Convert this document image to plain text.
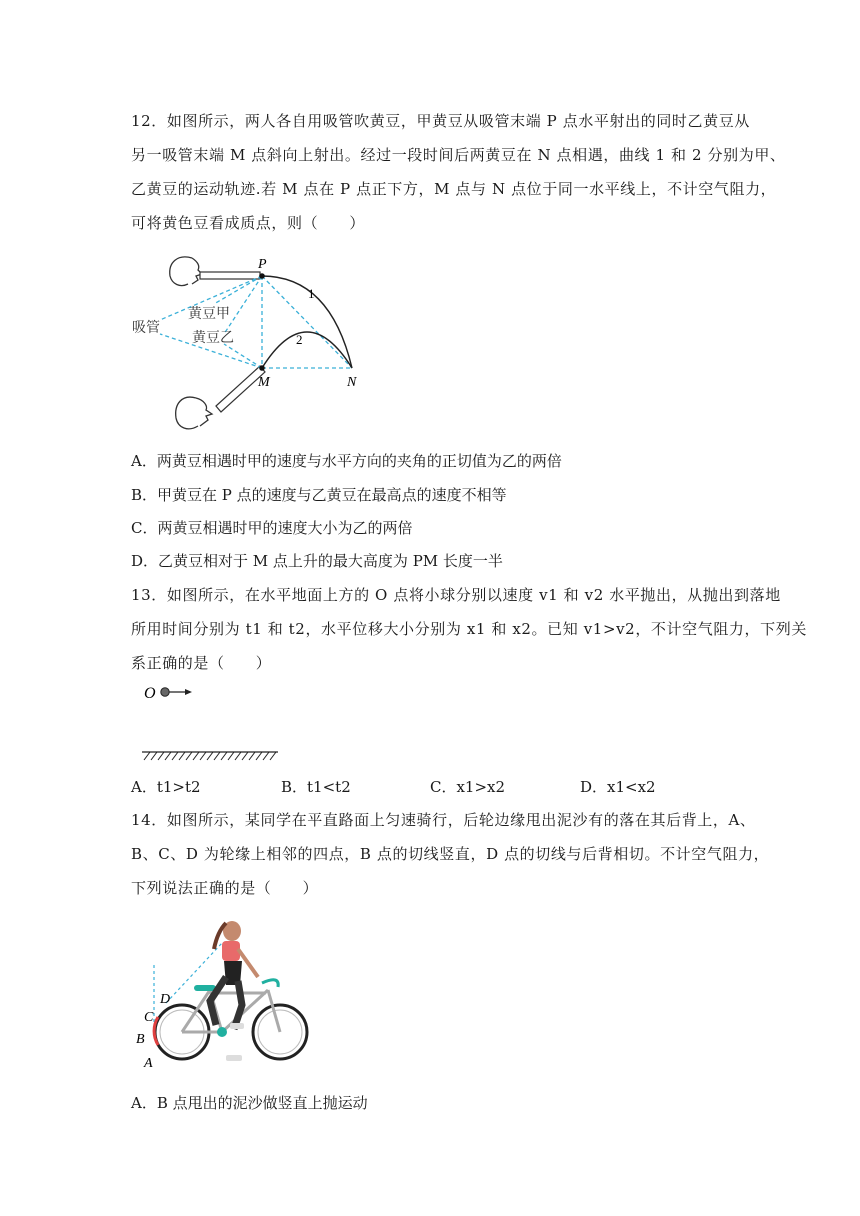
12．如图所示，两人各自用吸管吹黄豆，甲黄豆从吸管末端 P 点水平射出的同时乙黄豆从
另一吸管末端 M 点斜向上射出。经过一段时间后两黄豆在 N 点相遇，曲线 1 和 2 分别为甲、
乙黄豆的运动轨迹.若 M 点在 P 点正下方，M 点与 N 点位于同一水平线上，不计空气阻力，
可将黄色豆看成质点，则（　　）
P
M	N
1
2
黄豆甲
黄豆乙
吸管
A．两黄豆相遇时甲的速度与水平方向的夹角的正切值为乙的两倍
B．甲黄豆在 P 点的速度与乙黄豆在最高点的速度不相等
C．两黄豆相遇时甲的速度大小为乙的两倍
D．乙黄豆相对于 M 点上升的最大高度为 PM 长度一半
13．如图所示，在水平地面上方的 O 点将小球分别以速度 v1 和 v2 水平抛出，从抛出到落地
所用时间分别为 t1 和 t2，水平位移大小分别为 x1 和 x2。已知 v1>v2，不计空气阻力，下列关
系正确的是（　　）
O
A．t1>t2	B．t1<t2	C．x1>x2	D．x1<x2
14．如图所示，某同学在平直路面上匀速骑行，后轮边缘甩出泥沙有的落在其后背上，A、
B、C、D 为轮缘上相邻的四点，B 点的切线竖直，D 点的切线与后背相切。不计空气阻力，
下列说法正确的是（　　）
D
C
B
A
A．B 点甩出的泥沙做竖直上抛运动
